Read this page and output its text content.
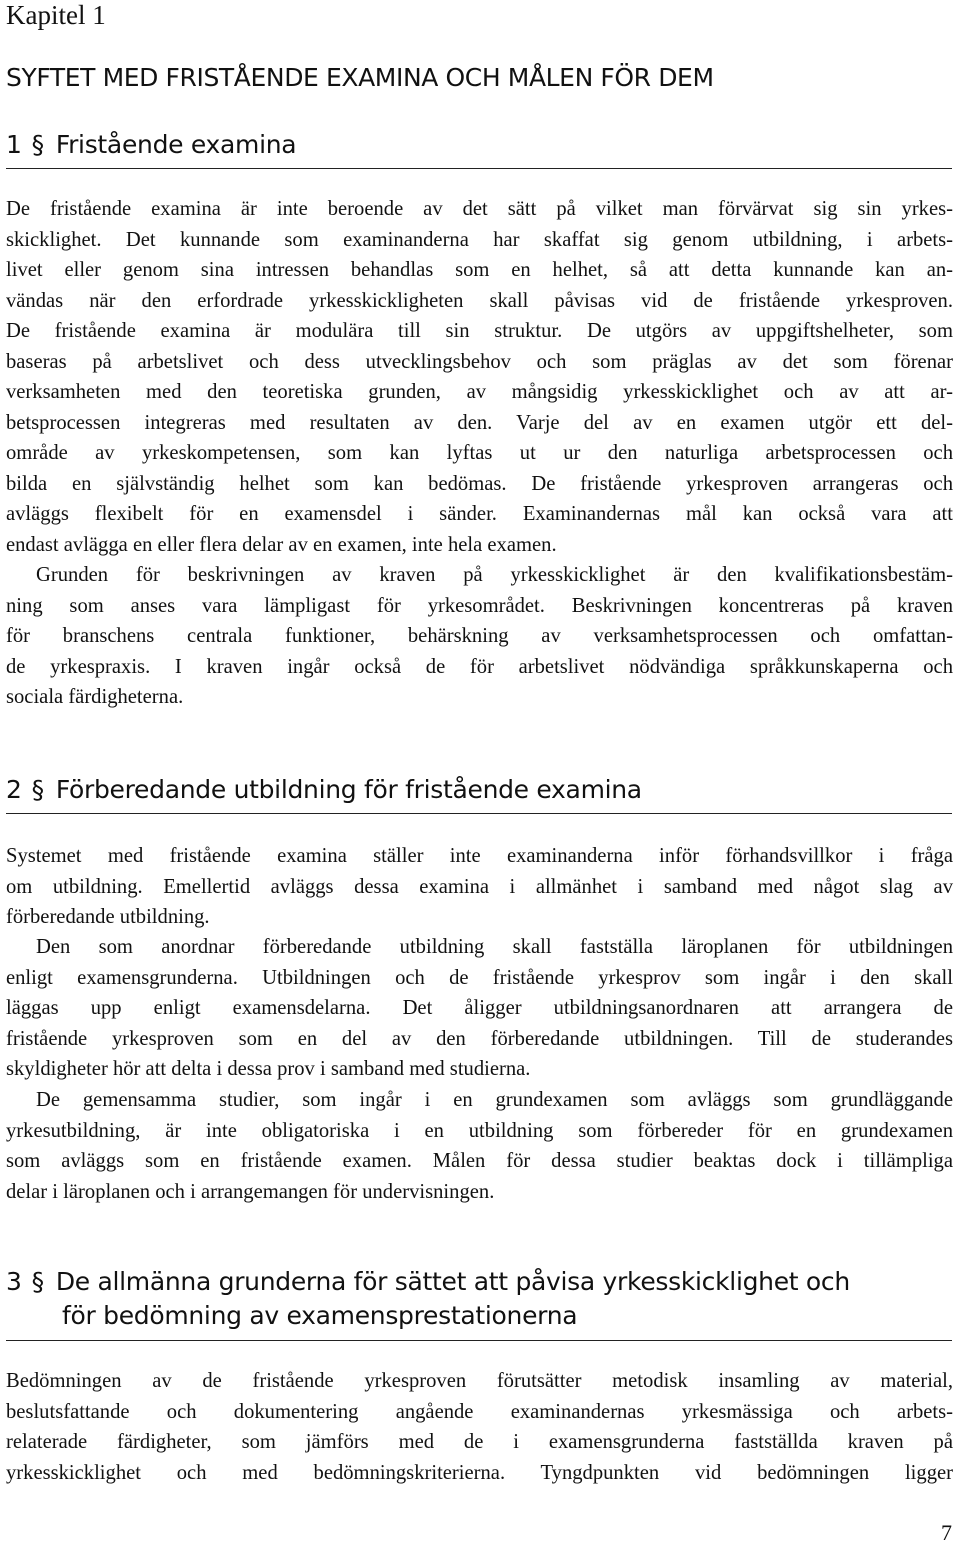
Kapitel 1
SYFTET MED FRISTÅENDE EXAMINA OCH MÅLEN FÖR DEM
1 § Fristående examina
De fristående examina är inte beroende av det sätt på vilket man förvärvat sig sin yrkes-
skicklighet. Det kunnande som examinanderna har skaffat sig genom utbildning, i arbets-
livet eller genom sina intressen behandlas som en helhet, så att detta kunnande kan an-
vändas när den erfordrade yrkesskickligheten skall påvisas vid de fristående yrkesproven.
De fristående examina är modulära till sin struktur. De utgörs av uppgiftshelheter, som
baseras på arbetslivet och dess utvecklingsbehov och som präglas av det som förenar
verksamheten med den teoretiska grunden, av mångsidig yrkesskicklighet och av att ar-
betsprocessen integreras med resultaten av den. Varje del av en examen utgör ett del-
område av yrkeskompetensen, som kan lyftas ut ur den naturliga arbetsprocessen och
bilda en självständig helhet som kan bedömas. De fristående yrkesproven arrangeras och
avläggs flexibelt för en examensdel i sänder. Examinandernas mål kan också vara att
endast avlägga en eller flera delar av en examen, inte hela examen.
Grunden för beskrivningen av kraven på yrkesskicklighet är den kvalifikationsbestäm-
ning som anses vara lämpligast för yrkesområdet. Beskrivningen koncentreras på kraven
för branschens centrala funktioner, behärskning av verksamhetsprocessen och omfattan-
de yrkespraxis. I kraven ingår också de för arbetslivet nödvändiga språkkunskaperna och
sociala färdigheterna.
2 § Förberedande utbildning för fristående examina
Systemet med fristående examina ställer inte examinanderna inför förhandsvillkor i fråga
om utbildning. Emellertid avläggs dessa examina i allmänhet i samband med något slag av
förberedande utbildning.
Den som anordnar förberedande utbildning skall fastställa läroplanen för utbildningen
enligt examensgrunderna. Utbildningen och de fristående yrkesprov som ingår i den skall
läggas upp enligt examensdelarna. Det åligger utbildningsanordnaren att arrangera de
fristående yrkesproven som en del av den förberedande utbildningen. Till de studerandes
skyldigheter hör att delta i dessa prov i samband med studierna.
De gemensamma studier, som ingår i en grundexamen som avläggs som grundläggande
yrkesutbildning, är inte obligatoriska i en utbildning som förbereder för en grundexamen
som avläggs som en fristående examen. Målen för dessa studier beaktas dock i tillämpliga
delar i läroplanen och i arrangemangen för undervisningen.
3 § De allmänna grunderna för sättet att påvisa yrkesskicklighet och
för bedömning av examensprestationerna
Bedömningen av de fristående yrkesproven förutsätter metodisk insamling av material,
beslutsfattande och dokumentering angående examinandernas yrkesmässiga och arbets-
relaterade färdigheter, som jämförs med de i examensgrunderna fastställda kraven på
yrkesskicklighet och med bedömningskriterierna. Tyngdpunkten vid bedömningen ligger
7
